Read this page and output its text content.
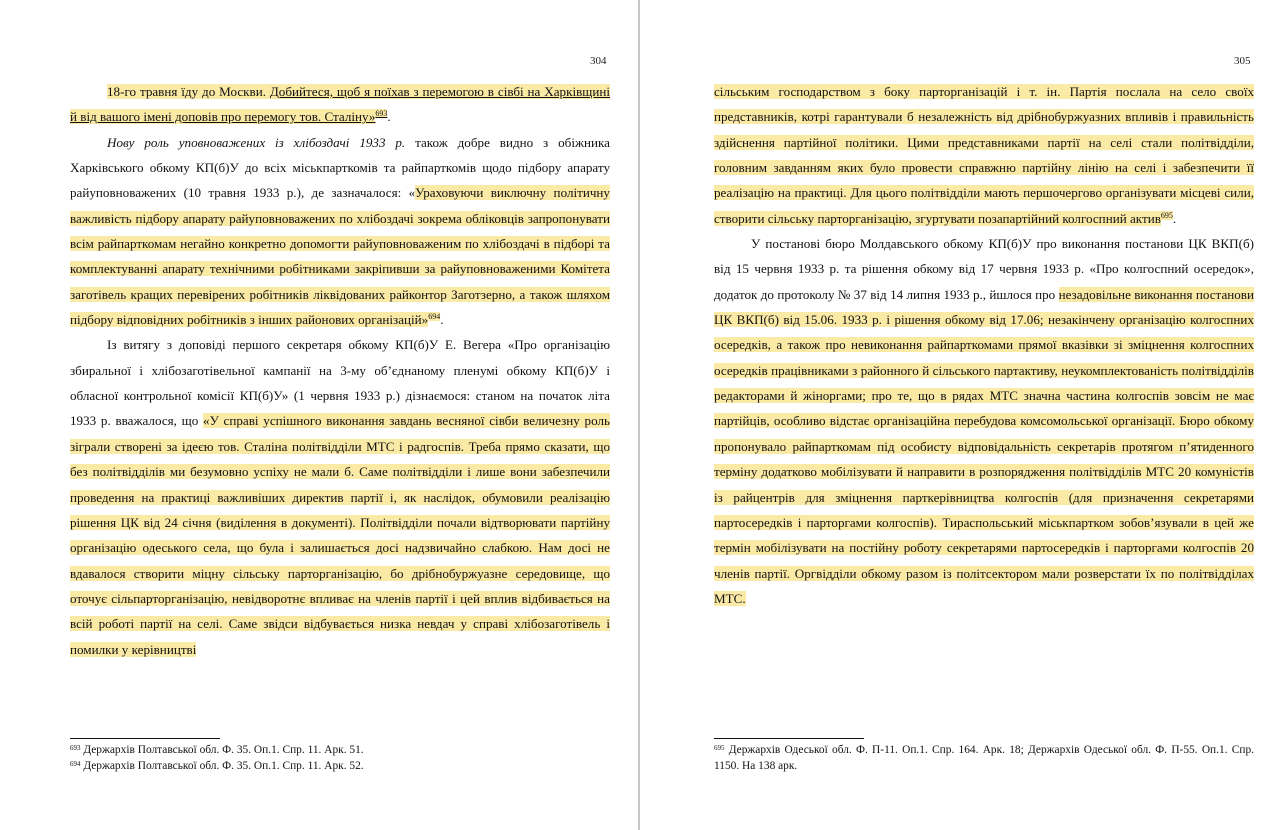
304

18-го травня їду до Москви. Добийтеся, щоб я поїхав з перемогою в сівбі на Харківщині й від вашого імені доповів про перемогу тов. Сталіну»$^{693}$.

Нову роль уповноважених із хлібоздачі 1933 р. також добре видно з обіжника Харківського обкому КП(б)У до всіх міськпарткомів та райпарткомів щодо підбору апарату райуповноважених (10 травня 1933 р.), де зазначалося: «Ураховуючи виключну політичну важливість підбору апарату райуповноважених по хлібоздачі зокрема обліковців запропонувати всім райпарткомам негайно конкретно допомогти райуповноваженим по хлібоздачі в підборі та комплектуванні апарату технічними робітниками закріпивши за райуповноваженими Комітета заготівель кращих перевірених робітників ліквідованих райконтор Заготзерно, а також шляхом підбору відповідних робітників з інших районових організацій»$^{694}$.

Із витягу з доповіді першого секретаря обкому КП(б)У Е. Вегера «Про організацію збиральної і хлібозаготівельної кампанії на 3-му об’єднаному пленумі обкому КП(б)У і обласної контрольної комісії КП(б)У» (1 червня 1933 р.) дізнаємося: станом на початок літа 1933 р. вважалося, що «У справі успішного виконання завдань весняної сівби величезну роль зіграли створені за ідеєю тов. Сталіна політвідділи МТС і радгоспів. Треба прямо сказати, що без політвідділів ми безумовно успіху не мали б. Саме політвідділи і лише вони забезпечили проведення на практиці важливіших директив партії і, як наслідок, обумовили реалізацію рішення ЦК від 24 січня (виділення в документі). Політвідділи почали відтворювати партійну організацію одеського села, що була і залишається досі надзвичайно слабкою. Нам досі не вдавалося створити міцну сільську парторганізацію, бо дрібнобуржуазне середовище, що оточує сільпарторганізацію, невідворотнє впливає на членів партії і цей вплив відбивається на всій роботі партії на селі. Саме звідси відбувається низка невдач у справі хлібозаготівель і помилки у керівництві

$^{693}$ Держархів Полтавської обл. Ф. 35. Оп.1. Спр. 11. Арк. 51.

$^{694}$ Держархів Полтавської обл. Ф. 35. Оп.1. Спр. 11. Арк. 52.

305

сільським господарством з боку парторганізацій і т. ін. Партія послала на село своїх представників, котрі гарантували б незалежність від дрібнобуржуазних впливів і правильність здійснення партійної політики. Цими представниками партії на селі стали політвідділи, головним завданням яких було провести справжню партійну лінію на селі і забезпечити її реалізацію на практиці. Для цього політвідділи мають першочергово організувати місцеві сили, створити сільську парторганізацію, згуртувати позапартійний колгоспний актив$^{695}$.

У постанові бюро Молдавського обкому КП(б)У про виконання постанови ЦК ВКП(б) від 15 червня 1933 р. та рішення обкому від 17 червня 1933 р. «Про колгоспний осередок», додаток до протоколу № 37 від 14 липня 1933 р., йшлося про незадовільне виконання постанови ЦК ВКП(б) від 15.06. 1933 р. і рішення обкому від 17.06; незакінчену організацію колгоспних осередків, а також про невиконання райпарткомами прямої вказівки зі зміцнення колгоспних осередків працівниками з районного й сільського партактиву, неукомплектованість політвідділів редакторами й жіноргами; про те, що в рядах МТС значна частина колгоспів зовсім не має партійців, особливо відстає організаційна перебудова комсомольської організації. Бюро обкому пропонувало райпарткомам під особисту відповідальність секретарів протягом п’ятиденного терміну додатково мобілізувати й направити в розпорядження політвідділів МТС 20 комуністів із райцентрів для зміцнення парткерівництва колгоспів (для призначення секретарями партосередків і парторгами колгоспів). Тираспольський міськпартком зобов’язували в цей же термін мобілізувати на постійну роботу секретарями партосередків і парторгами колгоспів 20 членів партії. Оргвідділи обкому разом із політсектором мали розверстати їх по політвідділах МТС.

$^{695}$ Держархів Одеської обл. Ф. П-11. Оп.1. Спр. 164. Арк. 18; Держархів Одеської обл. Ф. П-55. Оп.1. Спр. 1150. На 138 арк.
